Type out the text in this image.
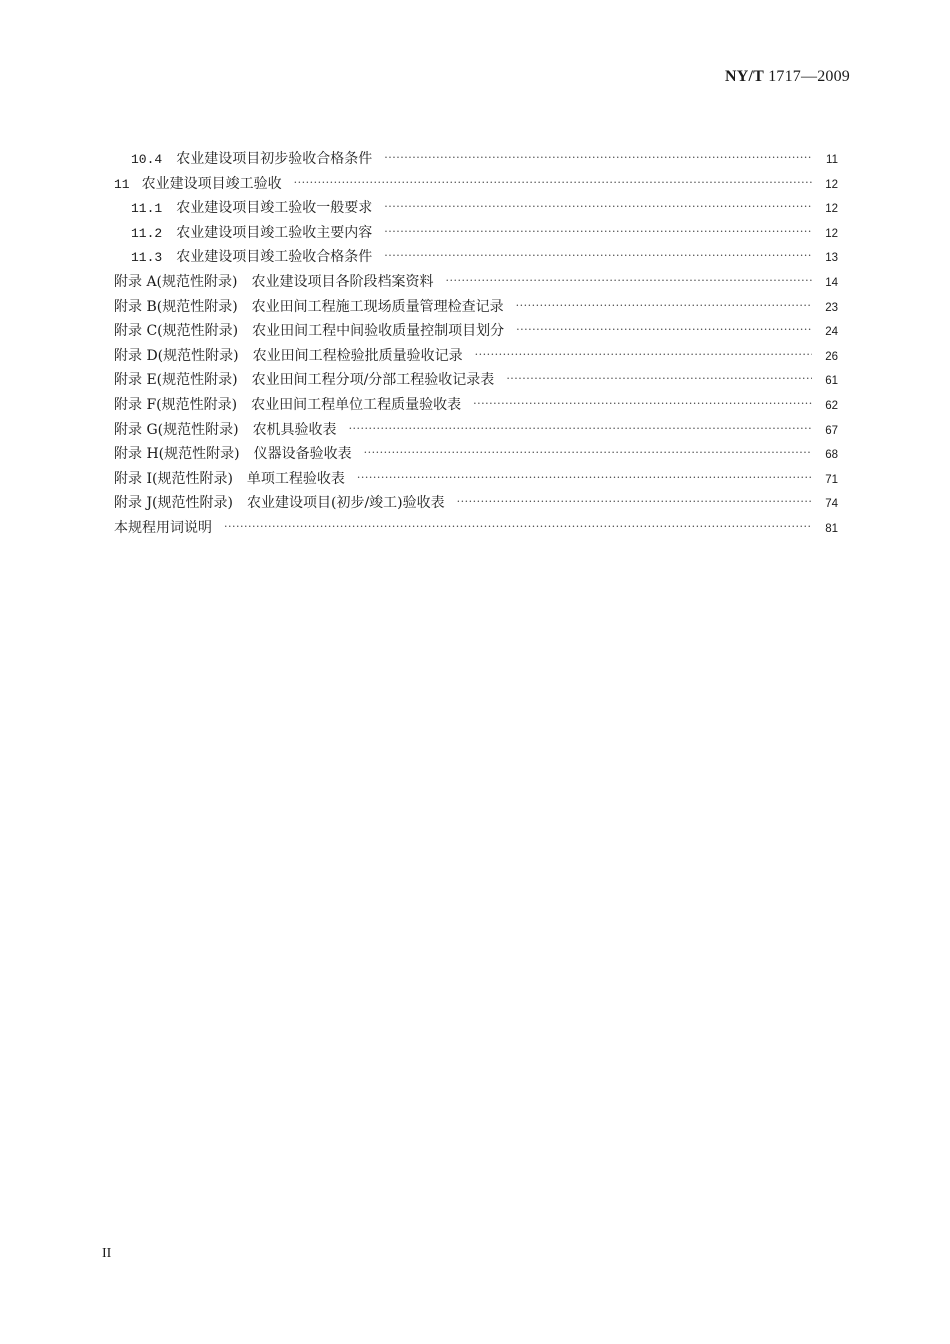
NY/T 1717—2009
10.4 农业建设项目初步验收合格条件 ·····	11
11 农业建设项目竣工验收 ·····	12
11.1 农业建设项目竣工验收一般要求 ·····	12
11.2 农业建设项目竣工验收主要内容 ·····	12
11.3 农业建设项目竣工验收合格条件 ·····	13
附录 A(规范性附录) 农业建设项目各阶段档案资料 ·····	14
附录 B(规范性附录) 农业田间工程施工现场质量管理检查记录 ·····	23
附录 C(规范性附录) 农业田间工程中间验收质量控制项目划分 ·····	24
附录 D(规范性附录) 农业田间工程检验批质量验收记录 ·····	26
附录 E(规范性附录) 农业田间工程分项/分部工程验收记录表 ·····	61
附录 F(规范性附录) 农业田间工程单位工程质量验收表 ·····	62
附录 G(规范性附录) 农机具验收表 ·····	67
附录 H(规范性附录) 仪器设备验收表 ·····	68
附录 I(规范性附录) 单项工程验收表 ·····	71
附录 J(规范性附录) 农业建设项目(初步/竣工)验收表 ·····	74
本规程用词说明 ·····	81
II
